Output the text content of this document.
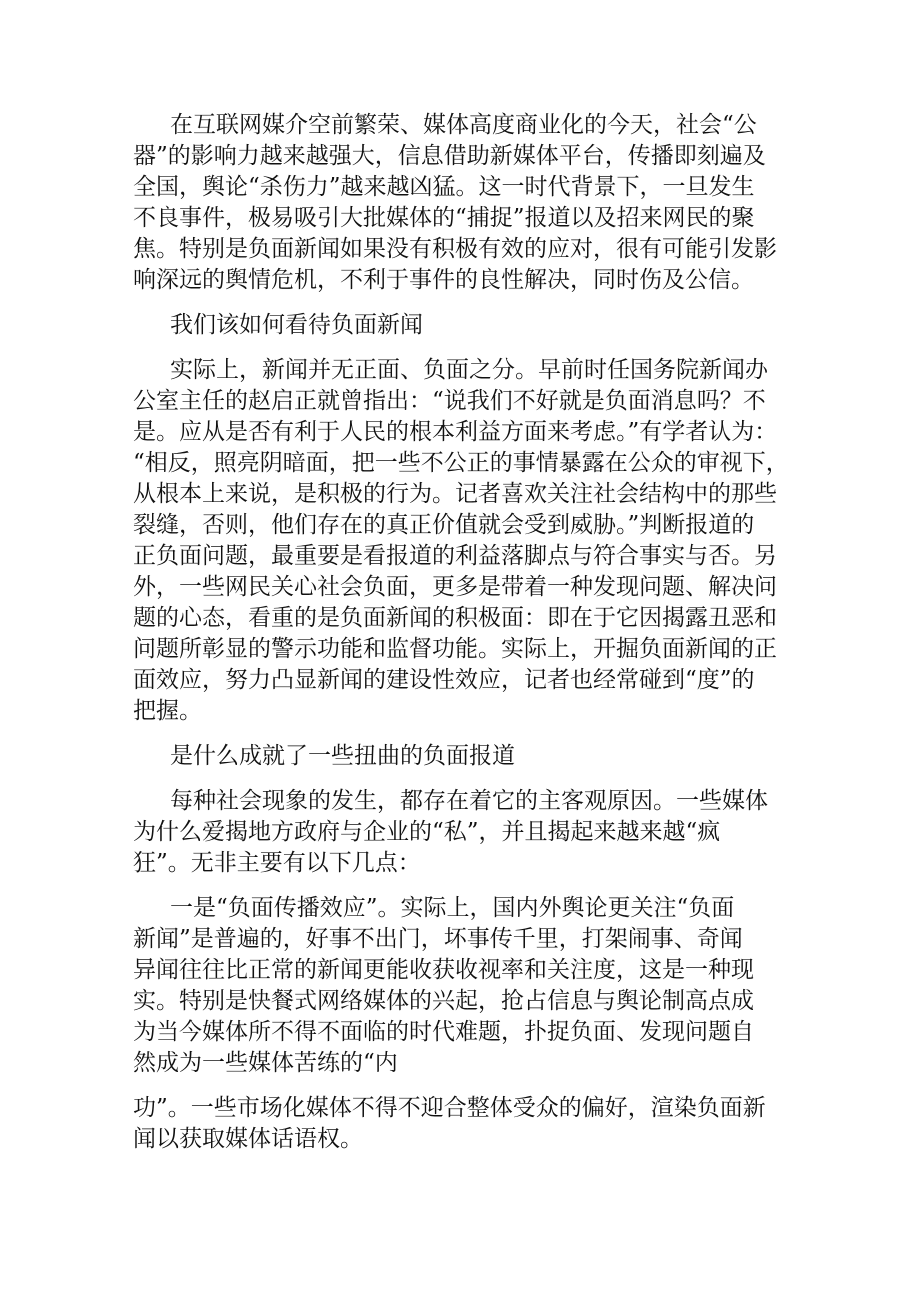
在互联网媒介空前繁荣、媒体高度商业化的今天，社会“公
器”的影响力越来越强大，信息借助新媒体平台，传播即刻遍及
全国，舆论“杀伤力”越来越凶猛。这一时代背景下，一旦发生
不良事件，极易吸引大批媒体的“捕捉”报道以及招来网民的聚
焦。特别是负面新闻如果没有积极有效的应对，很有可能引发影
响深远的舆情危机，不利于事件的良性解决，同时伤及公信。

我们该如何看待负面新闻

实际上，新闻并无正面、负面之分。早前时任国务院新闻办
公室主任的赵启正就曾指出：“说我们不好就是负面消息吗？不
是。应从是否有利于人民的根本利益方面来考虑。”有学者认为：
“相反，照亮阴暗面，把一些不公正的事情暴露在公众的审视下，
从根本上来说，是积极的行为。记者喜欢关注社会结构中的那些
裂缝，否则，他们存在的真正价值就会受到威胁。”判断报道的
正负面问题，最重要是看报道的利益落脚点与符合事实与否。另
外，一些网民关心社会负面，更多是带着一种发现问题、解决问
题的心态，看重的是负面新闻的积极面：即在于它因揭露丑恶和
问题所彰显的警示功能和监督功能。实际上，开掘负面新闻的正
面效应，努力凸显新闻的建设性效应，记者也经常碰到“度”的
把握。

是什么成就了一些扭曲的负面报道

每种社会现象的发生，都存在着它的主客观原因。一些媒体
为什么爱揭地方政府与企业的“私”，并且揭起来越来越“疯
狂”。无非主要有以下几点：

一是“负面传播效应”。实际上，国内外舆论更关注“负面
新闻”是普遍的，好事不出门，坏事传千里，打架闹事、奇闻
异闻往往比正常的新闻更能收获收视率和关注度，这是一种现
实。特别是快餐式网络媒体的兴起，抢占信息与舆论制高点成
为当今媒体所不得不面临的时代难题，扑捉负面、发现问题自
然成为一些媒体苦练的“内

功”。一些市场化媒体不得不迎合整体受众的偏好，渲染负面新
闻以获取媒体话语权。
